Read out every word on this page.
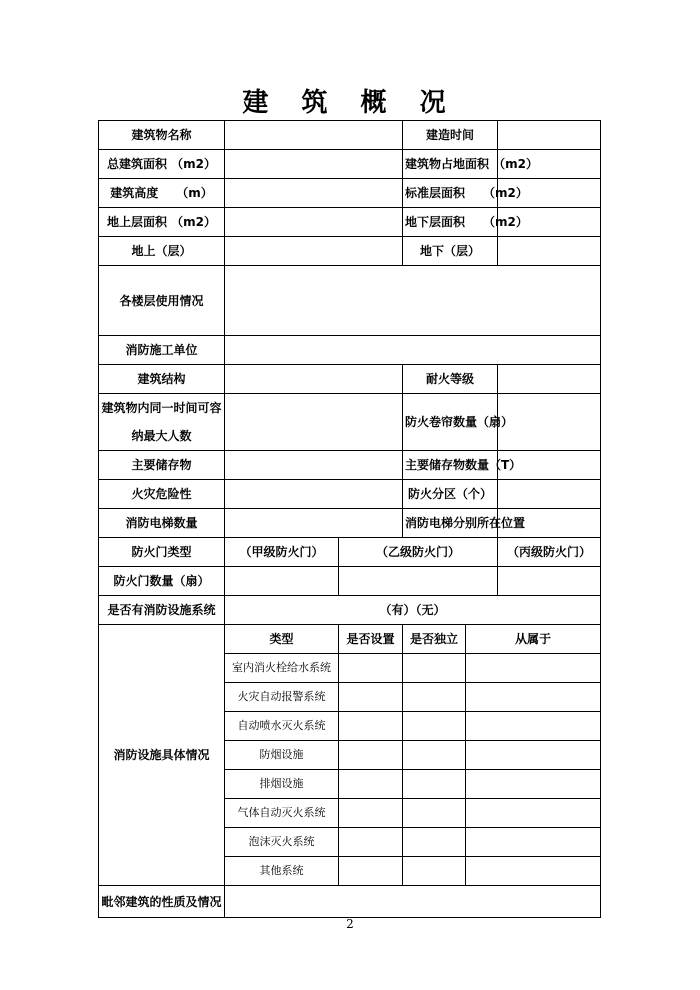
建 筑 概 况
建筑物名称			建造时间		
总建筑面积 （m2）			建筑物占地面积 （m2）		
建筑高度　　（m）			标准层面积　　（m2）		
地上层面积 （m2）			地下层面积　　（m2）		
地上（层）			地下（层）		
各楼层使用情况					
消防施工单位					
建筑结构			耐火等级		
建筑物内同一时间可容纳最大人数			防火卷帘数量（扇）		
主要储存物			主要储存物数量（T）		
火灾危险性			防火分区（个）		
消防电梯数量			消防电梯分别所在位置		
防火门类型	（甲级防火门）	（乙级防火门）			（丙级防火门）
防火门数量（扇）					
是否有消防设施系统	（有）（无）				
消防设施具体情况	类型	是否设置	是否独立	从属于	
	室内消火栓给水系统				
	火灾自动报警系统				
	自动喷水灭火系统				
	防烟设施				
	排烟设施				
	气体自动灭火系统				
	泡沫灭火系统				
	其他系统				
毗邻建筑的性质及情况					
2
